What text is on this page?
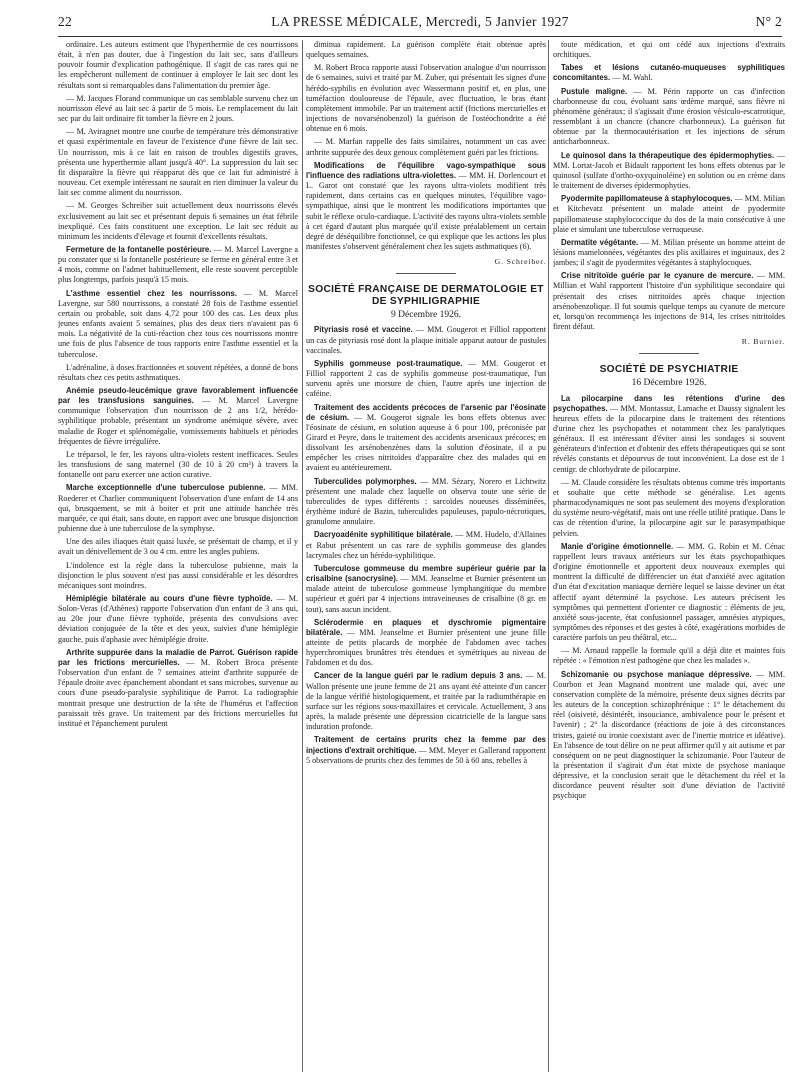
22	LA PRESSE MÉDICALE, Mercredi, 5 Janvier 1927	N° 2

ordinaire. Les auteurs estiment que l'hyperthermie de ces nourrissons était, à n'en pas douter, due à l'ingestion du lait sec, sans d'ailleurs pouvoir fournir d'explication pathogénique. Il s'agit de cas rares qui ne les empêcheront nullement de continuer à employer le lait sec dont les résultats sont si remarquables dans l'alimentation du premier âge.

— M. Jacques Florand communique un cas semblable survenu chez un nourrisson élevé au lait sec à partir de 5 mois. Le remplacement du lait sec par du lait ordinaire fit tomber la fièvre en 2 jours.

— M. Aviragnet montre une courbe de température très démonstrative et quasi expérimentale en faveur de l'existence d'une fièvre de lait sec. Un nourrisson, mis à ce lait en raison de troubles digestifs graves, présenta une hyperthermie allant jusqu'à 40°. La suppression du lait sec fit disparaître la fièvre qui réapparut dès que ce lait fut administré à nouveau. Cet exemple intéressant ne saurait en rien diminuer la valeur du lait sec comme aliment du nourrisson.

— M. Georges Schreiber suit actuellement deux nourrissons élevés exclusivement au lait sec et présentant depuis 6 semaines un état fébrile inexpliqué. Ces faits constituent une exception. Le lait sec réduit au minimum les incidents d'élevage et fournit d'excellents résultats.

Fermeture de la fontanelle postérieure. — M. Marcel Lavergne a pu constater que si la fontanelle postérieure se ferme en général entre 3 et 4 mois, comme on l'admet habituellement, elle reste souvent perceptible plus longtemps, parfois jusqu'à 15 mois.

L'asthme essentiel chez les nourrissons. — M. Marcel Lavergne, sur 580 nourrissons, a constaté 28 fois de l'asthme essentiel certain ou probable, soit dans 4,72 pour 100 des cas. Les deux plus jeunes enfants avaient 5 semaines, plus des deux tiers n'avaient pas 6 mois. La négativité de la cuti-réaction chez tous ces nourrissons montre une fois de plus l'absence de tous rapports entre l'asthme essentiel et la tuberculose.

L'adrénaline, à doses fractionnées et souvent répétées, a donné de bons résultats chez ces petits asthmatiques.

Anémie pseudo-leucémique grave favorablement influencée par les transfusions sanguines. — M. Marcel Lavergne communique l'observation d'un nourrisson de 2 ans 1/2, hérédo-syphilitique probable, présentant un syndrome anémique sévère, avec maladie de Roger et splénomégalie, vomissements habituels et périodes fréquentes de fièvre irrégulière.

Le tréparsol, le fer, les rayons ultra-violets restent inefficaces. Seules les transfusions de sang maternel (30 de 10 à 20 cm³) à travers la fontanelle ont paru exercer une action curative.

Marche exceptionnelle d'une tuberculose pubienne. — MM. Roederer et Charlier communiquent l'observation d'une enfant de 14 ans qui, brusquement, se mit à boiter et prit une attitude hanchée très marquée, ce qui était, sans doute, en rapport avec une brusque disjonction pubienne due à une tuberculose de la symphyse.

Une des ailes iliaques était quasi luxée, se présentait de champ, et il y avait un dénivellement de 3 ou 4 cm. entre les angles pubiens.

L'indolence est la règle dans la tuberculose pubienne, mais la disjonction le plus souvent n'est pas aussi considérable et les désordres mécaniques sont moindres.

Hémiplégie bilatérale au cours d'une fièvre typhoïde. — M. Solon-Veras (d'Athènes) rapporte l'observation d'un enfant de 3 ans qui, au 20e jour d'une fièvre typhoïde, présenta des convulsions avec déviation conjuguée de la tête et des yeux, suivies d'une hémiplégie gauche, puis d'aphasie avec hémiplégie droite.

Arthrite suppurée dans la maladie de Parrot. Guérison rapide par les frictions mercurielles. — M. Robert Broca présente l'observation d'un enfant de 7 semaines atteint d'arthrite suppurée de l'épaule droite avec épanchement abondant et sans microbes, survenue au cours d'une pseudo-paralysie syphilitique de Parrot. La radiographie montrait presque une destruction de la tête de l'humérus et l'affection paraissait très grave. Un traitement par des frictions mercurielles fut institué et l'épanchement purulent

diminua rapidement. La guérison complète était obtenue après quelques semaines.

M. Robert Broca rapporte aussi l'observation analogue d'un nourrisson de 6 semaines, suivi et traité par M. Zuber, qui présentait les signes d'une hérédo-syphilis en évolution avec Wassermann positif et, en plus, une tuméfaction douloureuse de l'épaule, avec fluctuation, le bras étant complètement immobile. Par un traitement actif (frictions mercurielles et injections de novarsénobenzol) la guérison de l'ostéochondrite a été obtenue en 6 mois.

— M. Marfan rappelle des faits similaires, notamment un cas avec arthrite suppurée des deux genoux complètement guéri par les frictions.

Modifications de l'équilibre vago-sympathique sous l'influence des radiations ultra-violettes. — MM. H. Dorlencourt et L. Garot ont constaté que les rayons ultra-violets modifient très rapidement, dans certains cas en quelques minutes, l'équilibre vago-sympathique, ainsi que le montrent les modifications importantes que subit le réflexe oculo-cardiaque. L'activité des rayons ultra-violets semble à cet égard d'autant plus marquée qu'il existe préalablement un certain degré de déséquilibre fonctionnel, ce qui explique que les actions les plus manifestes s'observent généralement chez les sujets asthmatiques (6).

G. Schreiber.
SOCIÉTÉ FRANÇAISE DE DERMATOLOGIE ET DE SYPHILIGRAPHIE
9 Décembre 1926.

Pityriasis rosé et vaccine. — MM. Gougerot et Filliol rapportent un cas de pityriasis rosé dont la plaque initiale apparut autour de pustules vaccinales.

Syphilis gommeuse post-traumatique. — MM. Gougerot et Filliol rapportent 2 cas de syphilis gommeuse post-traumatique, l'un survenu après une morsure de chien, l'autre après une injection de caféine.

Traitement des accidents précoces de l'arsenic par l'éosinate de césium. — M. Gougerot signale les bons effets obtenus avec l'éosinate de césium, en solution aqueuse à 6 pour 100, préconisée par Girard et Peyre, dans le traitement des accidents arsenicaux précoces; en dissolvant les arsénobenzènes dans la solution d'éosinate, il a pu empêcher les crises nitritoïdes d'apparaître chez des malades qui en avaient eu antérieurement.

Tuberculides polymorphes. — MM. Sézary, Norero et Lichtwitz présentent une malade chez laquelle on observa toute une série de tuberculides de types différents : sarcoïdes noueuses disséminées, érythème induré de Bazin, tuberculides papuleuses, papulo-nécrotiques, granulome annulaire.

Dacryoadénite syphilitique bilatérale. — MM. Hudelo, d'Allaines et Rabut présentent un cas rare de syphilis gommeuse des glandes lacrymales chez un hérédo-syphilitique.

Tuberculose gommeuse du membre supérieur guérie par la crisalbine (sanocrysine). — MM. Jeanselme et Burnier présentent un malade atteint de tuberculose gommeuse lymphangitique du membre supérieur et guéri par 4 injections intraveineuses de crisalbine (8 gr. en tout), sans aucun incident.

Sclérodermie en plaques et dyschromie pigmentaire bilatérale. — MM. Jeanselme et Burnier présentent une jeune fille atteinte de petits placards de morphée de l'abdomen avec taches hyperchromiques brunâtres très étendues et symétriques au niveau de l'abdomen et du dos.

Cancer de la langue guéri par le radium depuis 3 ans. — M. Wallon présente une jeune femme de 21 ans ayant été atteinte d'un cancer de la langue vérifié histologiquement, et traitée par la radiumthérapie en surface sur les régions sous-maxillaires et cervicale. Actuellement, 3 ans après, la malade présente une dépression cicatricielle de la langue sans induration profonde.

Traitement de certains prurits chez la femme par des injections d'extrait orchitique. — MM. Meyer et Gallerand rapportent 5 observations de prurits chez des femmes de 50 à 60 ans, rebelles à

toute médication, et qui ont cédé aux injections d'extraits orchitiques.

Tabes et lésions cutanéo-muqueuses syphilitiques concomitantes. — M. Wahl.

Pustule maligne. — M. Périn rapporte un cas d'infection charbonneuse du cou, évoluant sans œdème marqué, sans fièvre ni phénomène généraux; il s'agissait d'une érosion vésiculo-escarrotique, ressemblant à un chancre (chancre charbonneux). La guérison fut obtenue par la thermocautérisation et les injections de sérum anticharbonneux.

Le quinosol dans la thérapeutique des épidermophyties. — MM. Lortat-Jacob et Bidault rapportent les bons effets obtenus par le quinosol (sulfate d'ortho-oxyquinoléine) en solution ou en crème dans le traitement de diverses épidermophyties.

Pyodermite papillomateuse à staphylocoques. — MM. Milian et Kitchevatz présentent un malade atteint de pyodermite papillomateuse staphylococcique du dos de la main consécutive à une plaie et simulant une tuberculose verruqueuse.

Dermatite végétante. — M. Milian présente un homme atteint de lésions mamelonnées, végétantes des plis axillaires et inguinaux, des 2 jambes; il s'agit de pyodermites végétantes à staphylocoques.

Crise nitritoïde guérie par le cyanure de mercure. — MM. Millian et Wahl rapportent l'histoire d'un syphilitique secondaire qui présentait des crises nitritoïdes après chaque injection arsénobenzolique. Il fut soumis quelque temps au cyanure de mercure et, lorsqu'on recommença les injections de 914, les crises nitritoïdes firent défaut.

R. Burnier.
SOCIÉTÉ DE PSYCHIATRIE
16 Décembre 1926.

La pilocarpine dans les rétentions d'urine des psychopathes. — MM. Montassut, Lamache et Daussy signalent les heureux effets de la pilocarpine dans le traitement des rétentions d'urine chez les psychopathes et notamment chez les paralytiques généraux. Il est intéressant d'éviter ainsi les sondages si souvent générateurs d'infection et d'obtenir des effets thérapeutiques qui se sont révélés constants et dépourvus de tout inconvénient. La dose est de 1 centigr. de chlorhydrate de pilocarpine.

— M. Claude considère les résultats obtenus comme très importants et souhaite que cette méthode se généralise. Les agents pharmacodynamiques ne sont pas seulement des moyens d'exploration du système neuro-végétatif, mais ont une réelle utilité pratique. Dans le cas de rétention d'urine, la pilocarpine agit sur le parasympathique pelvien.

Manie d'origine émotionnelle. — MM. G. Robin et M. Cénac rappellent leurs travaux antérieurs sur les états psychopathiques d'origine émotionnelle et apportent deux nouveaux exemples qui montrent la difficulté de différencier un état d'anxiété avec agitation d'un état d'excitation maniaque derrière lequel se laisse deviner un état affectif ayant déterminé la psychose. Les auteurs précisent les symptômes qui permettent d'orienter ce diagnostic : éléments de jeu, anxiété sous-jacente, état confusionnel passager, amnésies atypiques, symptômes des réponses et des gestes à côté, exagérations morbides de caractère parfois un peu théâtral, etc...

— M. Arnaud rappelle la formule qu'il a déjà dite et maintes fois répétée : « l'émotion n'est pathogène que chez les malades ».

Schizomanie ou psychose maniaque dépressive. — MM. Courbon et Jean Magnand montrent une malade qui, avec une conservation complète de la mémoire, présente deux signes décrits par les auteurs de la conception schizophrénique : 1° le détachement du réel (oisiveté, désintérêt, insouciance, ambivalence pour le présent et l'avenir) ; 2° la discordance (réactions de joie à des circonstances tristes, gaieté ou ironie coexistant avec de l'inertie motrice et idéative). En l'absence de tout délire on ne peut affirmer qu'il y ait autisme et par conséquent on ne peut diagnostiquer la schizomanie. Pour l'auteur de la présentation il s'agirait d'un état mixte de psychose maniaque dépressive, et la conclusion serait que le détachement du réel et la discordance peuvent résulter soit d'une déviation de l'activité psychique
